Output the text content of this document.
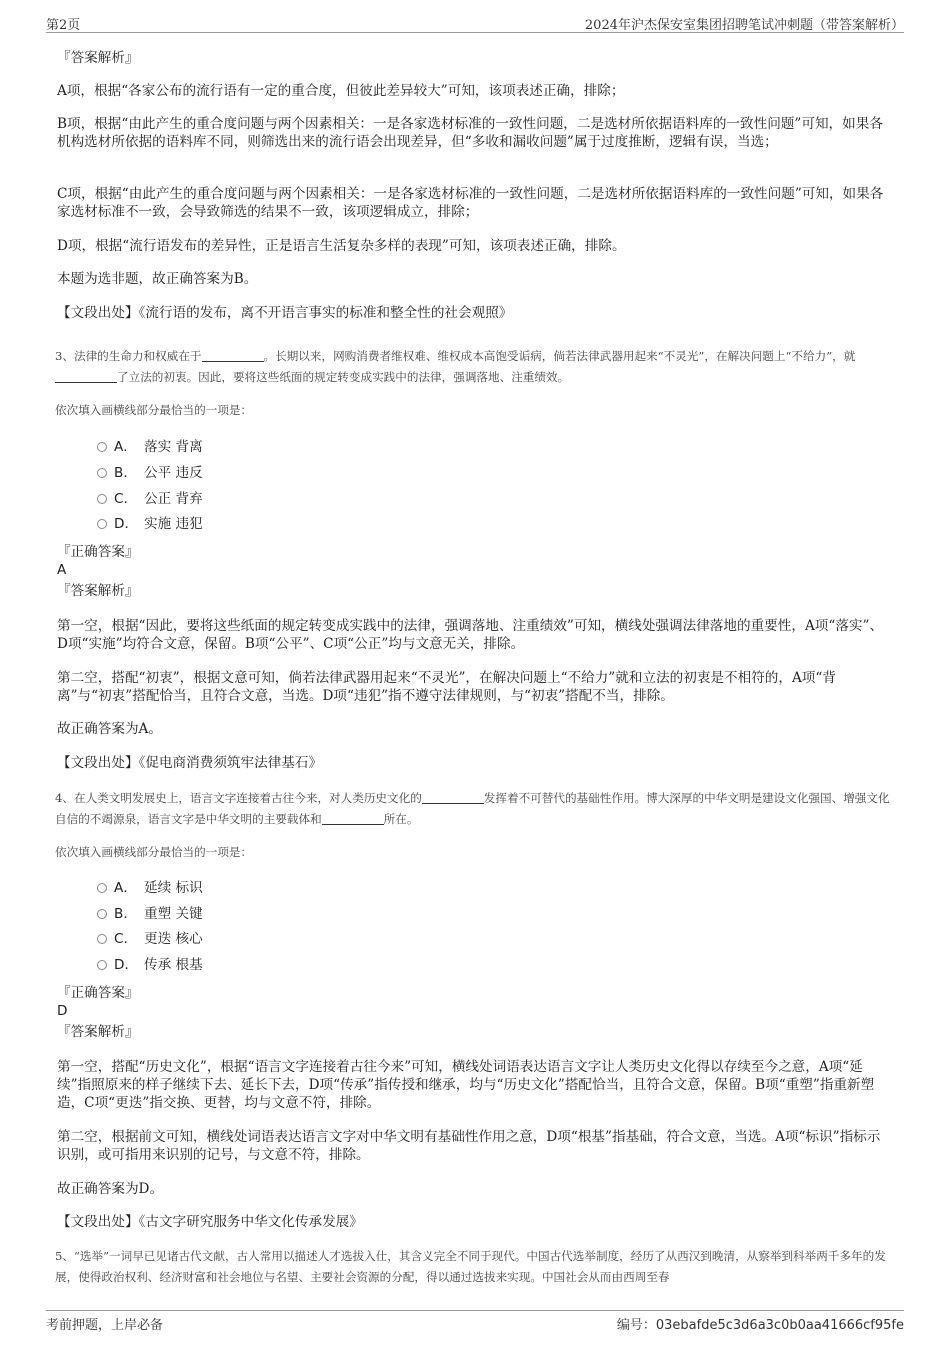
第2页	2024年沪杰保安室集团招聘笔试冲刺题（带答案解析）
『答案解析』
A项，根据“各家公布的流行语有一定的重合度，但彼此差异较大”可知，该项表述正确，排除；
B项，根据“由此产生的重合度问题与两个因素相关：一是各家选材标准的一致性问题，二是选材所依据语料库的一致性问题”可知，如果各机构选材所依据的语料库不同，则筛选出来的流行语会出现差异，但“多收和漏收问题”属于过度推断，逻辑有误，当选；
C项，根据“由此产生的重合度问题与两个因素相关：一是各家选材标准的一致性问题，二是选材所依据语料库的一致性问题”可知，如果各家选材标准不一致，会导致筛选的结果不一致，该项逻辑成立，排除；
D项，根据“流行语发布的差异性，正是语言生活复杂多样的表现”可知，该项表述正确，排除。
本题为选非题，故正确答案为B。
【文段出处】《流行语的发布，离不开语言事实的标准和整全性的社会观照》
3、法律的生命力和权威在于	。长期以来，网购消费者维权难、维权成本高饱受诟病，倘若法律武器用起来“不灵光”，在解决问题上“不给力”，就了立法的初衷。因此，要将这些纸面的规定转变成实践中的法律，强调落地、注重绩效。
依次填入画横线部分最恰当的一项是：
A． 落实 背离
B． 公平 违反
C． 公正 背弃
D． 实施 违犯
『正确答案』
A
『答案解析』
第一空，根据“因此，要将这些纸面的规定转变成实践中的法律，强调落地、注重绩效”可知，横线处强调法律落地的重要性，A项“落实”、D项“实施”均符合文意，保留。B项“公平”、C项“公正”均与文意无关，排除。
第二空，搭配“初衷”，根据文意可知，倘若法律武器用起来“不灵光”，在解决问题上“不给力”就和立法的初衷是不相符的，A项“背离”与“初衷”搭配恰当，且符合文意，当选。D项“违犯”指不遵守法律规则，与“初衷”搭配不当，排除。
故正确答案为A。
【文段出处】《促电商消费须筑牢法律基石》
4、在人类文明发展史上，语言文字连接着古往今来，对人类历史文化的	发挥着不可替代的基础性作用。博大深厚的中华文明是建设文化强国、增强文化自信的不竭源泉，语言文字是中华文明的主要载体和	所在。
依次填入画横线部分最恰当的一项是：
A． 延续 标识
B． 重塑 关键
C． 更迭 核心
D． 传承 根基
『正确答案』
D
『答案解析』
第一空，搭配“历史文化”，根据“语言文字连接着古往今来”可知，横线处词语表达语言文字让人类历史文化得以存续至今之意，A项“延续”指照原来的样子继续下去、延长下去，D项“传承”指传授和继承，均与“历史文化”搭配恰当，且符合文意，保留。B项“重塑”指重新塑造，C项“更迭”指交换、更替，均与文意不符，排除。
第二空，根据前文可知，横线处词语表达语言文字对中华文明有基础性作用之意，D项“根基”指基础，符合文意，当选。A项“标识”指标示识别，或可指用来识别的记号，与文意不符，排除。
故正确答案为D。
【文段出处】《古文字研究服务中华文化传承发展》
5、“选举”一词早已见诸古代文献，古人常用以描述人才选拔入仕，其含义完全不同于现代。中国古代选举制度，经历了从西汉到晚清，从察举到科举两千多年的发展，使得政治权利、经济财富和社会地位与名望、主要社会资源的分配，得以通过选拔来实现。中国社会从而由西周至春
考前押题，上岸必备	编号：03ebafde5c3d6a3c0b0aa41666cf95fe
